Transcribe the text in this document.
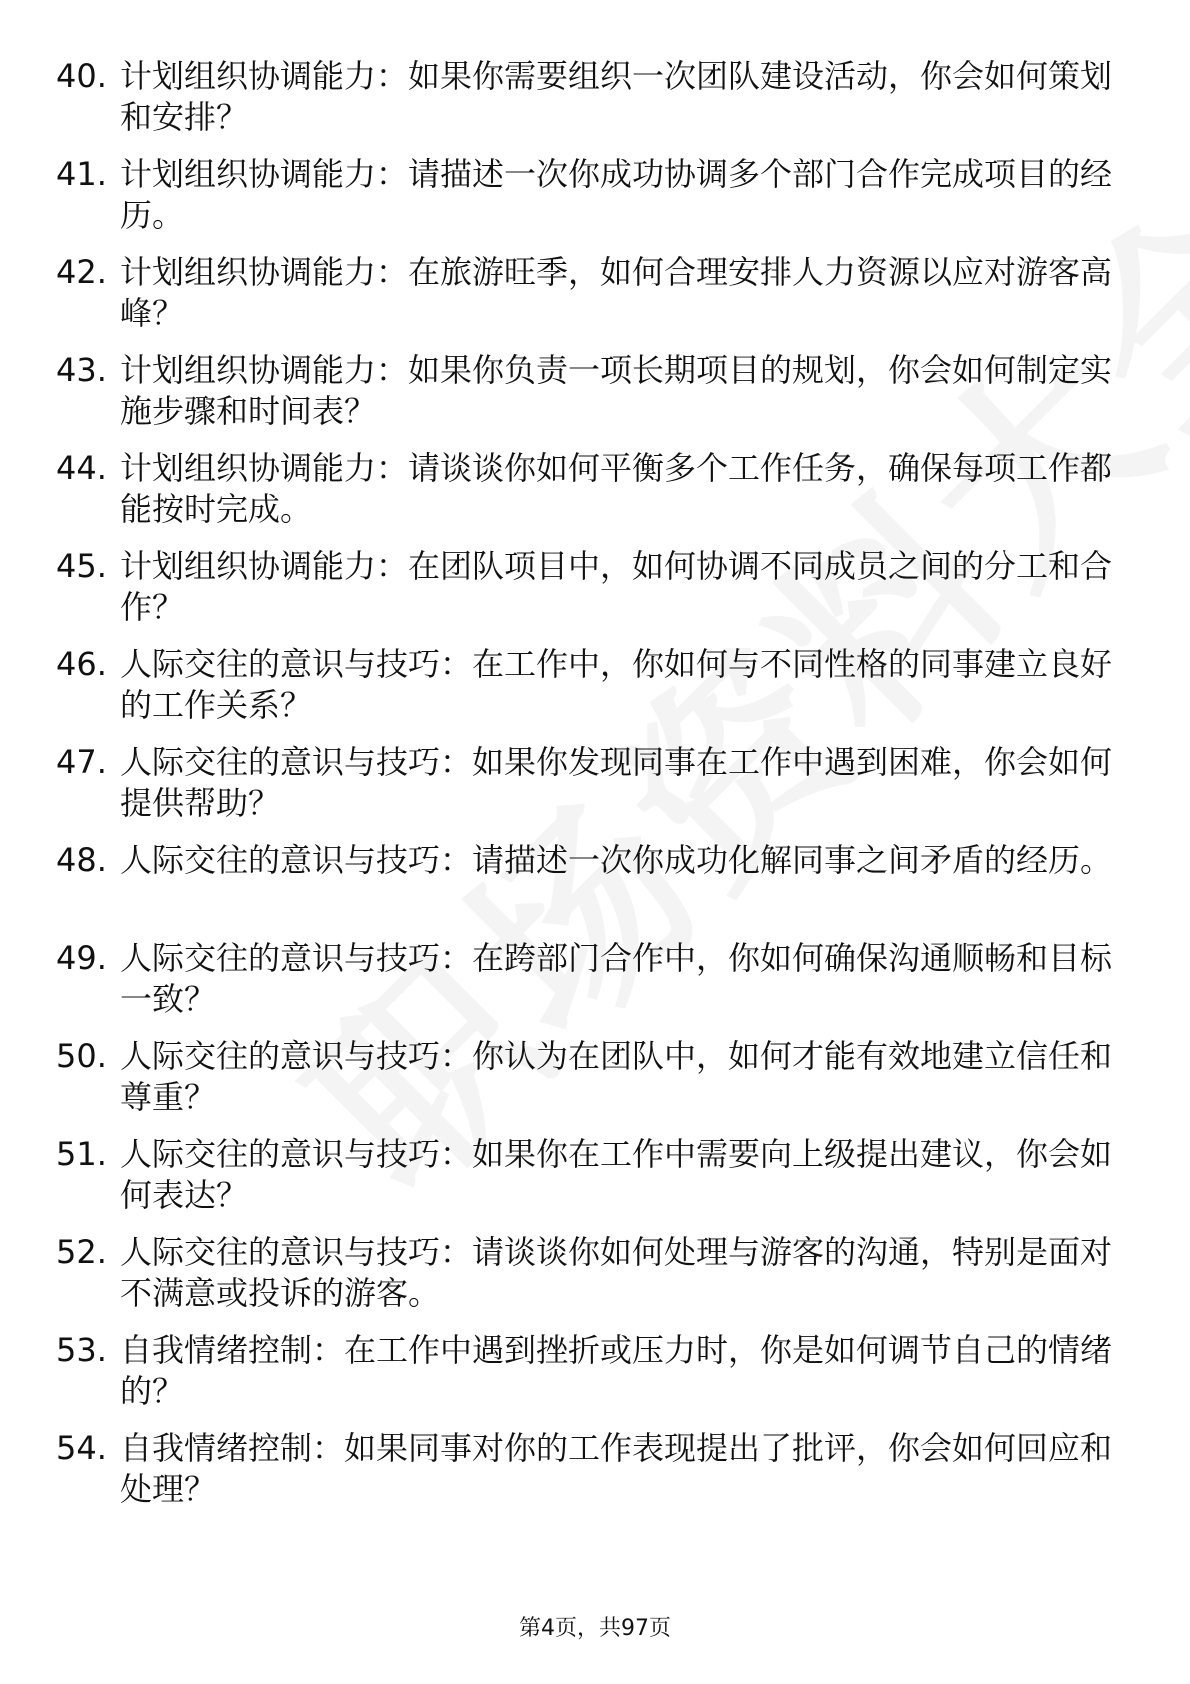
40. 计划组织协调能力：如果你需要组织一次团队建设活动，你会如何策划和安排？
41. 计划组织协调能力：请描述一次你成功协调多个部门合作完成项目的经历。
42. 计划组织协调能力：在旅游旺季，如何合理安排人力资源以应对游客高峰？
43. 计划组织协调能力：如果你负责一项长期项目的规划，你会如何制定实施步骤和时间表？
44. 计划组织协调能力：请谈谈你如何平衡多个工作任务，确保每项工作都能按时完成。
45. 计划组织协调能力：在团队项目中，如何协调不同成员之间的分工和合作？
46. 人际交往的意识与技巧：在工作中，你如何与不同性格的同事建立良好的工作关系？
47. 人际交往的意识与技巧：如果你发现同事在工作中遇到困难，你会如何提供帮助？
48. 人际交往的意识与技巧：请描述一次你成功化解同事之间矛盾的经历。
49. 人际交往的意识与技巧：在跨部门合作中，你如何确保沟通顺畅和目标一致？
50. 人际交往的意识与技巧：你认为在团队中，如何才能有效地建立信任和尊重？
51. 人际交往的意识与技巧：如果你在工作中需要向上级提出建议，你会如何表达？
52. 人际交往的意识与技巧：请谈谈你如何处理与游客的沟通，特别是面对不满意或投诉的游客。
53. 自我情绪控制：在工作中遇到挫折或压力时，你是如何调节自己的情绪的？
54. 自我情绪控制：如果同事对你的工作表现提出了批评，你会如何回应和处理？
第4页，共97页
